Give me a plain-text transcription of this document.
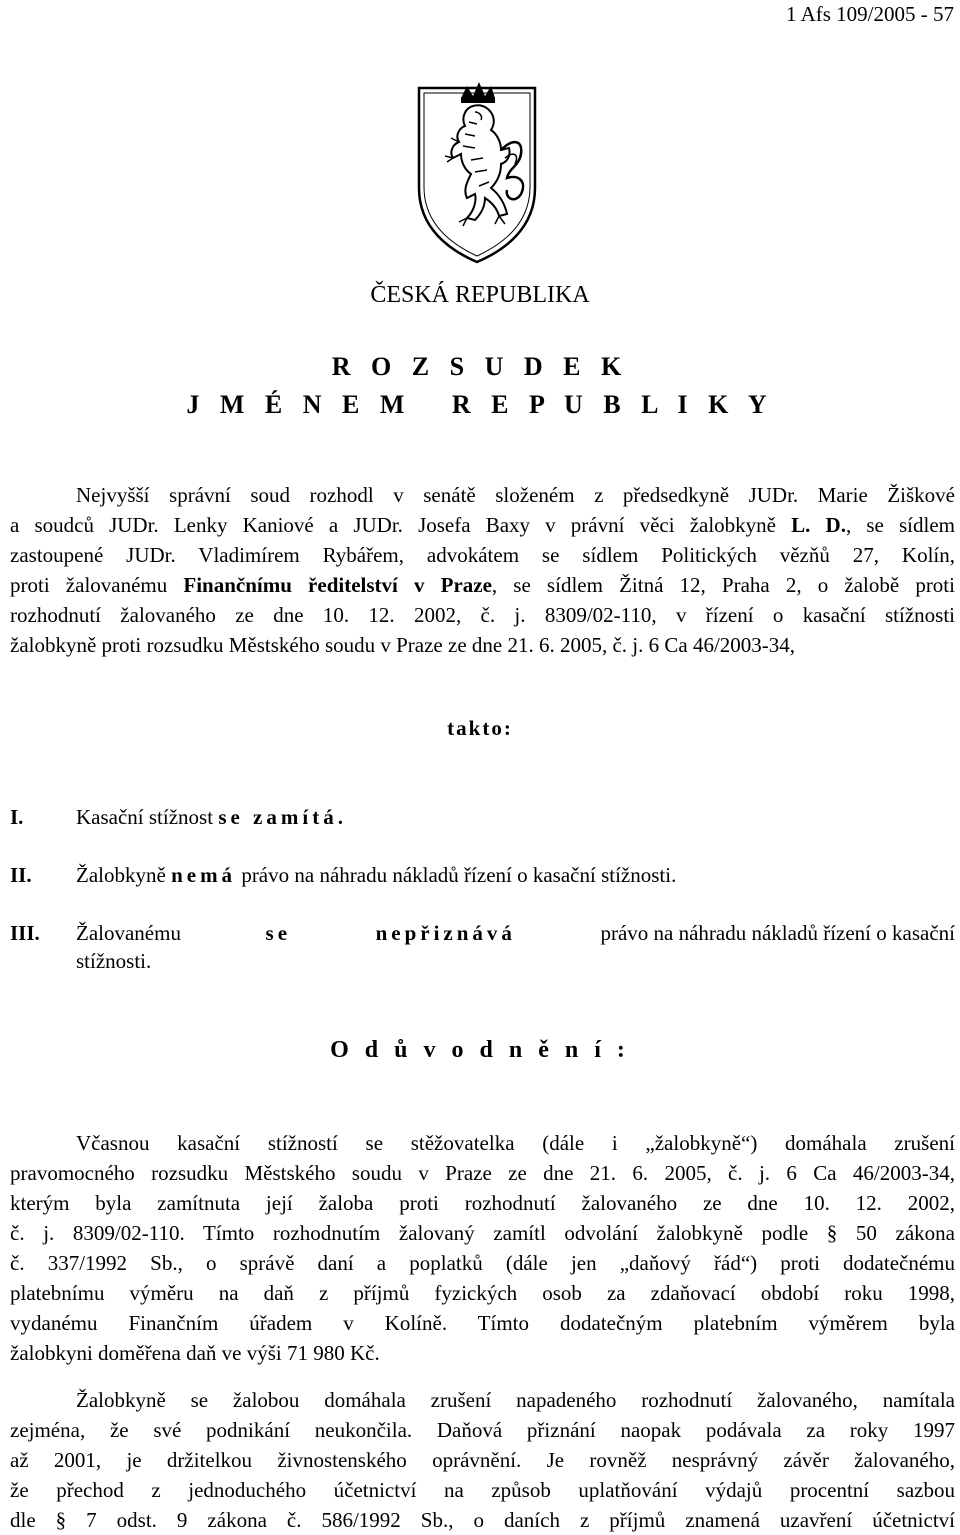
1 Afs 109/2005 - 57
ČESKÁ REPUBLIKA
R O Z S U D E K
J M É N E M   R E P U B L I K Y
Nejvyšší správní soud rozhodl v senátě složeném z předsedkyně JUDr. Marie Žiškové
a soudců JUDr. Lenky Kaniové a JUDr. Josefa Baxy v právní věci žalobkyně L. D., se sídlem
zastoupené JUDr. Vladimírem Rybářem, advokátem se sídlem Politických vězňů 27, Kolín,
proti žalovanému Finančnímu ředitelství v Praze, se sídlem Žitná 12, Praha 2, o žalobě proti
rozhodnutí žalovaného ze dne 10. 12. 2002, č. j. 8309/02-110, v řízení o kasační stížnosti
žalobkyně proti rozsudku Městského soudu v Praze ze dne 21. 6. 2005, č. j. 6 Ca 46/2003-34,
takto:
I.	Kasační stížnost se zamítá.
II. Žalobkyně nemá právo na náhradu nákladů řízení o kasační stížnosti.
III.	Žalovanému	se	nepřiznává	právo na náhradu nákladů řízení o kasační
stížnosti.
O d ů v o d n ě n í :
Včasnou kasační stížností se stěžovatelka (dále i „žalobkyně“) domáhala zrušení
pravomocného rozsudku Městského soudu v Praze ze dne 21. 6. 2005, č. j. 6 Ca 46/2003-34,
kterým byla zamítnuta její žaloba proti rozhodnutí žalovaného ze dne 10. 12. 2002,
č. j. 8309/02-110. Tímto rozhodnutím žalovaný zamítl odvolání žalobkyně podle § 50 zákona
č. 337/1992 Sb., o správě daní a poplatků (dále jen „daňový řád“) proti dodatečnému
platebnímu výměru na daň z příjmů fyzických osob za zdaňovací období roku 1998,
vydanému Finančním úřadem v Kolíně. Tímto dodatečným platebním výměrem byla
žalobkyni doměřena daň ve výši 71 980 Kč.
Žalobkyně se žalobou domáhala zrušení napadeného rozhodnutí žalovaného, namítala
zejména, že své podnikání neukončila. Daňová přiznání naopak podávala za roky 1997
až 2001, je držitelkou živnostenského oprávnění. Je rovněž nesprávný závěr žalovaného,
že přechod z jednoduchého účetnictví na způsob uplatňování výdajů procentní sazbou
dle § 7 odst. 9 zákona č. 586/1992 Sb., o daních z příjmů znamená uzavření účetnictví
